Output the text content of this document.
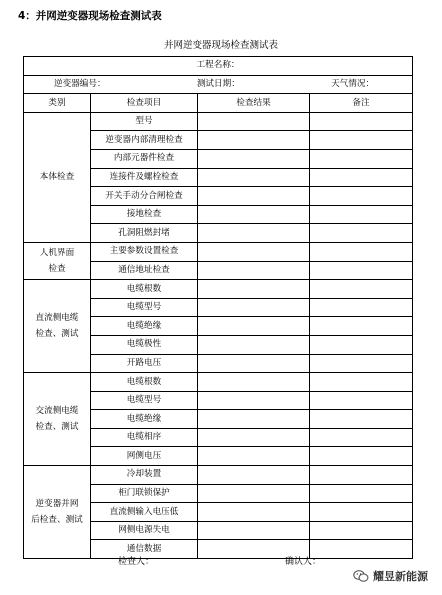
4：并网逆变器现场检查测试表
并网逆变器现场检查测试表
工程名称：			

逆变器编号： 测试日期： 天气情况：			

类别	检查项目	检查结果	备注
本体检查	型号		
	逆变器内部清理检查		
	内部元器件检查		
	连接件及螺栓检查		
	开关手动分合闸检查		
	接地检查		
	孔洞阻燃封堵		

人机界面
检查	主要参数设置检查		
	通信地址检查		

直流侧电缆
检查、测试	电缆根数		
	电缆型号		
	电缆绝缘		
	电缆极性		
	开路电压		

交流侧电缆
检查、测试	电缆根数		
	电缆型号		
	电缆绝缘		
	电缆相序		
	网侧电压		

逆变器并网
后检查、测试	冷却装置		
	柜门联锁保护		
	直流侧输入电压低		
	网侧电源失电		
	通信数据		
检查人：	确认人：
耀昱新能源
